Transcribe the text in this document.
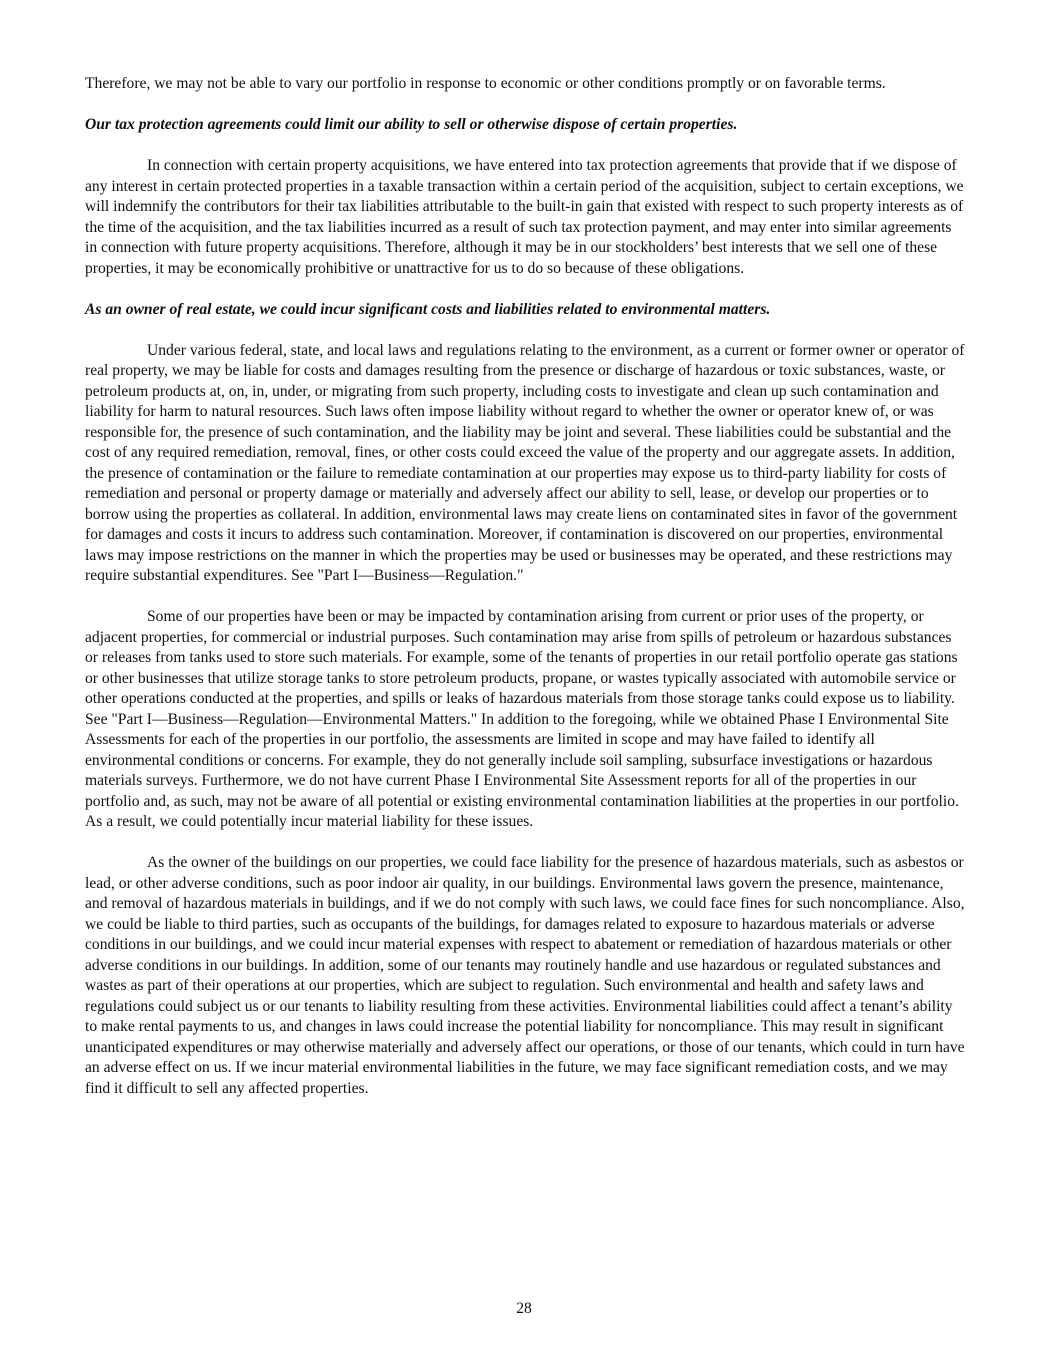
Therefore, we may not be able to vary our portfolio in response to economic or other conditions promptly or on favorable terms.

Our tax protection agreements could limit our ability to sell or otherwise dispose of certain properties.

In connection with certain property acquisitions, we have entered into tax protection agreements that provide that if we dispose of any interest in certain protected properties in a taxable transaction within a certain period of the acquisition, subject to certain exceptions, we will indemnify the contributors for their tax liabilities attributable to the built-in gain that existed with respect to such property interests as of the time of the acquisition, and the tax liabilities incurred as a result of such tax protection payment, and may enter into similar agreements in connection with future property acquisitions. Therefore, although it may be in our stockholders’ best interests that we sell one of these properties, it may be economically prohibitive or unattractive for us to do so because of these obligations.

As an owner of real estate, we could incur significant costs and liabilities related to environmental matters.

Under various federal, state, and local laws and regulations relating to the environment, as a current or former owner or operator of real property, we may be liable for costs and damages resulting from the presence or discharge of hazardous or toxic substances, waste, or petroleum products at, on, in, under, or migrating from such property, including costs to investigate and clean up such contamination and liability for harm to natural resources. Such laws often impose liability without regard to whether the owner or operator knew of, or was responsible for, the presence of such contamination, and the liability may be joint and several. These liabilities could be substantial and the cost of any required remediation, removal, fines, or other costs could exceed the value of the property and our aggregate assets. In addition, the presence of contamination or the failure to remediate contamination at our properties may expose us to third-party liability for costs of remediation and personal or property damage or materially and adversely affect our ability to sell, lease, or develop our properties or to borrow using the properties as collateral. In addition, environmental laws may create liens on contaminated sites in favor of the government for damages and costs it incurs to address such contamination. Moreover, if contamination is discovered on our properties, environmental laws may impose restrictions on the manner in which the properties may be used or businesses may be operated, and these restrictions may require substantial expenditures. See "Part I—Business—Regulation."

Some of our properties have been or may be impacted by contamination arising from current or prior uses of the property, or adjacent properties, for commercial or industrial purposes. Such contamination may arise from spills of petroleum or hazardous substances or releases from tanks used to store such materials. For example, some of the tenants of properties in our retail portfolio operate gas stations or other businesses that utilize storage tanks to store petroleum products, propane, or wastes typically associated with automobile service or other operations conducted at the properties, and spills or leaks of hazardous materials from those storage tanks could expose us to liability. See "Part I—Business—Regulation—Environmental Matters." In addition to the foregoing, while we obtained Phase I Environmental Site Assessments for each of the properties in our portfolio, the assessments are limited in scope and may have failed to identify all environmental conditions or concerns. For example, they do not generally include soil sampling, subsurface investigations or hazardous materials surveys. Furthermore, we do not have current Phase I Environmental Site Assessment reports for all of the properties in our portfolio and, as such, may not be aware of all potential or existing environmental contamination liabilities at the properties in our portfolio. As a result, we could potentially incur material liability for these issues.

As the owner of the buildings on our properties, we could face liability for the presence of hazardous materials, such as asbestos or lead, or other adverse conditions, such as poor indoor air quality, in our buildings. Environmental laws govern the presence, maintenance, and removal of hazardous materials in buildings, and if we do not comply with such laws, we could face fines for such noncompliance. Also, we could be liable to third parties, such as occupants of the buildings, for damages related to exposure to hazardous materials or adverse conditions in our buildings, and we could incur material expenses with respect to abatement or remediation of hazardous materials or other adverse conditions in our buildings. In addition, some of our tenants may routinely handle and use hazardous or regulated substances and wastes as part of their operations at our properties, which are subject to regulation. Such environmental and health and safety laws and regulations could subject us or our tenants to liability resulting from these activities. Environmental liabilities could affect a tenant’s ability to make rental payments to us, and changes in laws could increase the potential liability for noncompliance. This may result in significant unanticipated expenditures or may otherwise materially and adversely affect our operations, or those of our tenants, which could in turn have an adverse effect on us. If we incur material environmental liabilities in the future, we may face significant remediation costs, and we may find it difficult to sell any affected properties.

28
